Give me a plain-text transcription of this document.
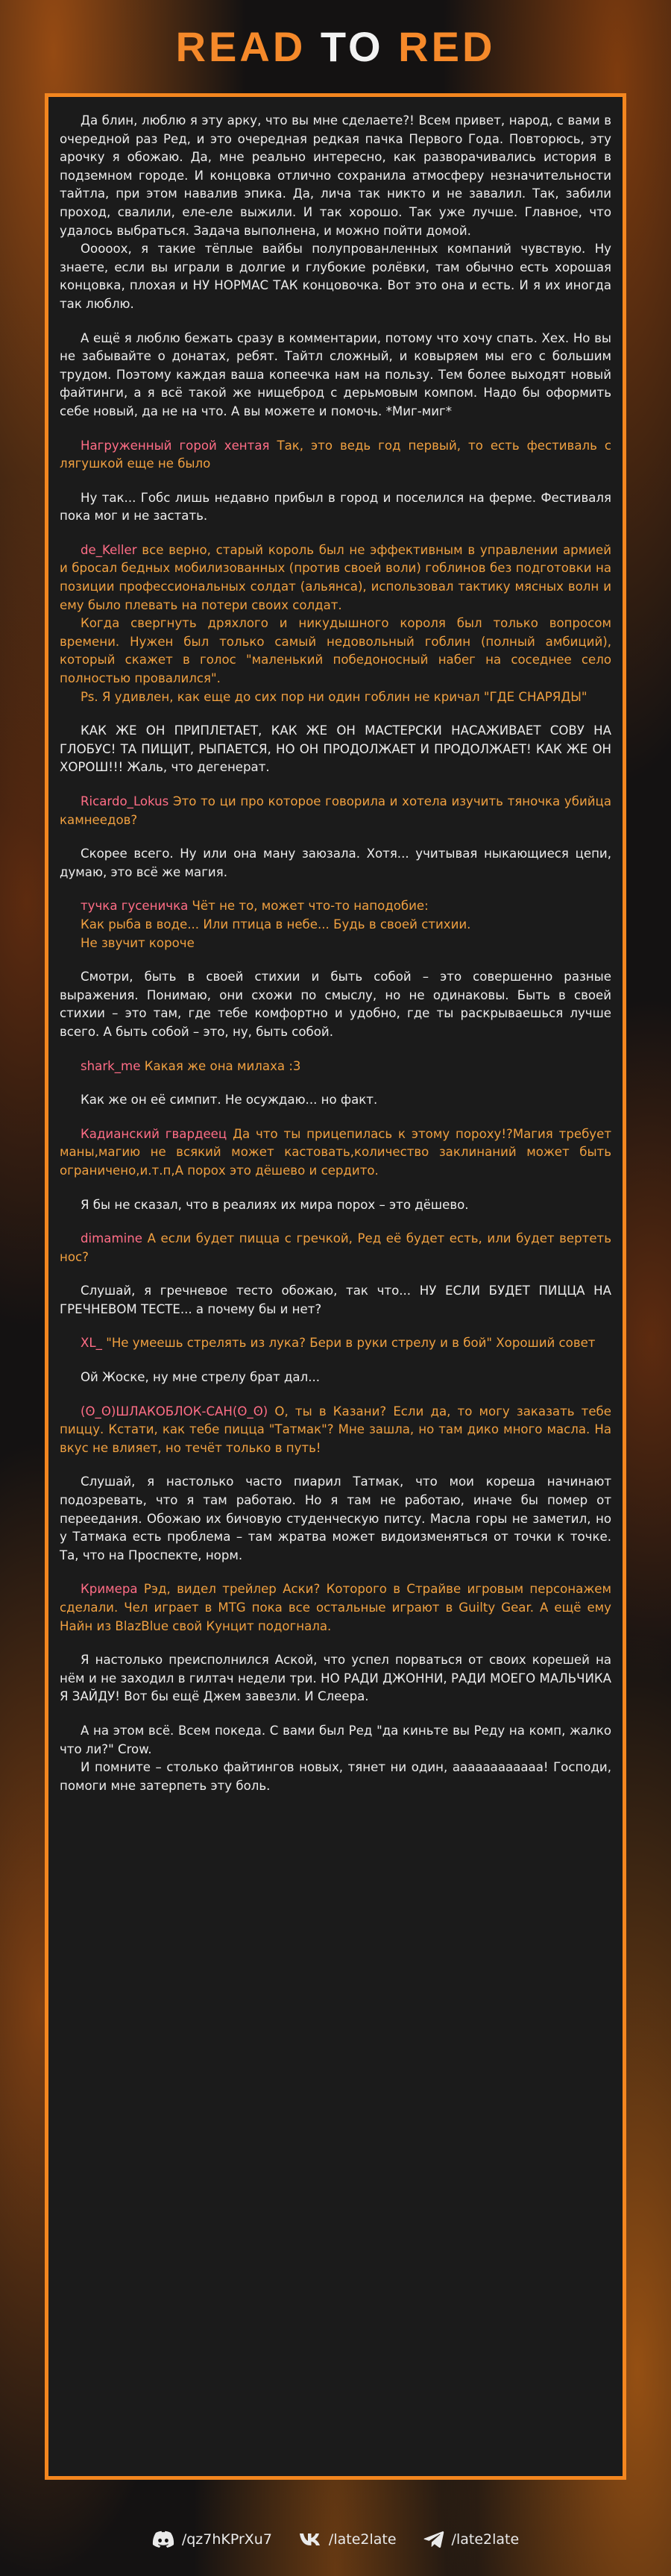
READ TO RED

Да блин, люблю я эту арку, что вы мне сделаете?! Всем привет, народ, с вами в очередной раз Ред, и это очередная редкая пачка Первого Года. Повторюсь, эту арочку я обожаю. Да, мне реально интересно, как разворачивались история в подземном городе. И концовка отлично сохранила атмосферу незначительности тайтла, при этом навалив эпика. Да, лича так никто и не завалил. Так, забили проход, свалили, еле-еле выжили. И так хорошо. Так уже лучше. Главное, что удалось выбраться. Задача выполнена, и можно пойти домой.

Ооооох, я такие тёплые вайбы полупрованленных компаний чувствую. Ну знаете, если вы играли в долгие и глубокие ролёвки, там обычно есть хорошая концовка, плохая и НУ НОРМАС ТАК концовочка. Вот это она и есть. И я их иногда так люблю.

А ещё я люблю бежать сразу в комментарии, потому что хочу спать. Хех. Но вы не забывайте о донатах, ребят. Тайтл сложный, и ковыряем мы его с большим трудом. Поэтому каждая ваша копеечка нам на пользу. Тем более выходят новый файтинги, а я всё такой же нищеброд с дерьмовым компом. Надо бы оформить себе новый, да не на что. А вы можете и помочь. *Миг-миг*

Нагруженный горой хентая Так, это ведь год первый, то есть фестиваль с лягушкой еще не было

Ну так... Гобс лишь недавно прибыл в город и поселился на ферме. Фестиваля пока мог и не застать.

de_Keller все верно, старый король был не эффективным в управлении армией и бросал бедных мобилизованных (против своей воли) гоблинов без подготовки на позиции профессиональных солдат (альянса), использовал тактику мясных волн и ему было плевать на потери своих солдат.

Когда свергнуть дряхлого и никудышного короля был только вопросом времени. Нужен был только самый недовольный гоблин (полный амбиций), который скажет в голос "маленький победоносный набег на соседнее село полностью провалился".

Ps. Я удивлен, как еще до сих пор ни один гоблин не кричал "ГДЕ СНАРЯДЫ"

КАК ЖЕ ОН ПРИПЛЕТАЕТ, КАК ЖЕ ОН МАСТЕРСКИ НАСАЖИВАЕТ СОВУ НА ГЛОБУС! ТА ПИЩИТ, РЫПАЕТСЯ, НО ОН ПРОДОЛЖАЕТ И ПРОДОЛЖАЕТ! КАК ЖЕ ОН ХОРОШ!!! Жаль, что дегенерат.

Ricardo_Lokus Это то ци про которое говорила и хотела изучить тяночка убийца камнеедов?

Скорее всего. Ну или она ману заюзала. Хотя... учитывая ныкающиеся цепи, думаю, это всё же магия.

тучка гусеничка Чёт не то, может что-то наподобие:

Как рыба в воде... Или птица в небе... Будь в своей стихии.

Не звучит короче

Смотри, быть в своей стихии и быть собой – это совершенно разные выражения. Понимаю, они схожи по смыслу, но не одинаковы. Быть в своей стихии – это там, где тебе комфортно и удобно, где ты раскрываешься лучше всего. А быть собой – это, ну, быть собой.

shark_me Какая же она милаха :3

Как же он её симпит. Не осуждаю... но факт.

Кадианский гвардеец Да что ты прицепилась к этому пороху!?Магия требует маны,магию не всякий может кастовать,количество заклинаний может быть ограничено,и.т.п,А порох это дёшево и сердито.

Я бы не сказал, что в реалиях их мира порох – это дёшево.

dimamine А если будет пицца с гречкой, Ред её будет есть, или будет вертеть нос?

Слушай, я гречневое тесто обожаю, так что... НУ ЕСЛИ БУДЕТ ПИЦЦА НА ГРЕЧНЕВОМ ТЕСТЕ... а почему бы и нет?

XL_ "Не умеешь стрелять из лука? Бери в руки стрелу и в бой" Хороший совет

Ой Жоске, ну мне стрелу брат дал...

(ʘ_ʘ)ШЛАКОБЛОК-САН(ʘ_ʘ) О, ты в Казани? Если да, то могу заказать тебе пиццу. Кстати, как тебе пицца "Татмак"? Мне зашла, но там дико много масла. На вкус не влияет, но течёт только в путь!

Слушай, я настолько часто пиарил Татмак, что мои кореша начинают подозревать, что я там работаю. Но я там не работаю, иначе бы помер от переедания. Обожаю их бичовую студенческую питсу. Масла горы не заметил, но у Татмака есть проблема – там жратва может видоизменяться от точки к точке. Та, что на Проспекте, норм.

Кримера Рэд, видел трейлер Аски? Которого в Страйве игровым персонажем сделали. Чел играет в MTG пока все остальные играют в Guilty Gear. А ещё ему Найн из BlazBlue свой Кунцит подогнала.

Я настолько преисполнился Аской, что успел порваться от своих корешей на нём и не заходил в гилтач недели три. НО РАДИ ДЖОННИ, РАДИ МОЕГО МАЛЬЧИКА Я ЗАЙДУ! Вот бы ещё Джем завезли. И Слеера.

А на этом всё. Всем покеда. С вами был Ред "да киньте вы Реду на комп, жалко что ли?" Crow.

И помните – столько файтингов новых, тянет ни один, аааааааааааа! Господи, помоги мне затерпеть эту боль.

/qz7hKPrXu7	/late2late	/late2late
